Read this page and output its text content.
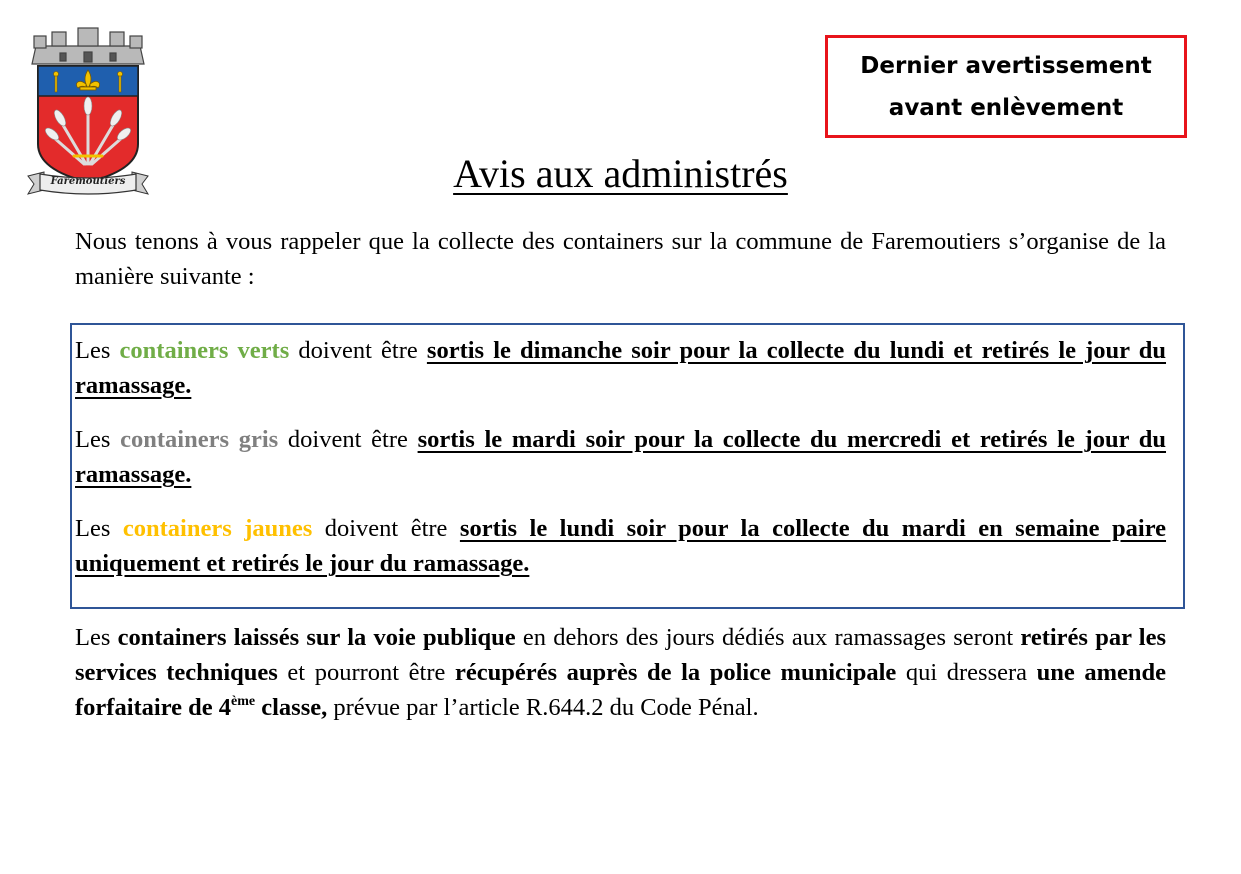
Faremoutiers
Dernier avertissement
avant enlèvement
Avis aux administrés

Nous tenons à vous rappeler que la collecte des containers sur la commune de Faremoutiers s’organise de la manière suivante :

Les containers verts doivent être sortis le dimanche soir pour la collecte du lundi et retirés le jour du ramassage.

Les containers gris doivent être sortis le mardi soir pour la collecte du mercredi et retirés le jour du ramassage.

Les containers jaunes doivent être sortis le lundi soir pour la collecte du mardi en semaine paire uniquement et retirés le jour du ramassage.

Les containers laissés sur la voie publique en dehors des jours dédiés aux ramassages seront retirés par les services techniques et pourront être récupérés auprès de la police municipale qui dressera une amende forfaitaire de 4ème classe, prévue par l’article R.644.2 du Code Pénal.
